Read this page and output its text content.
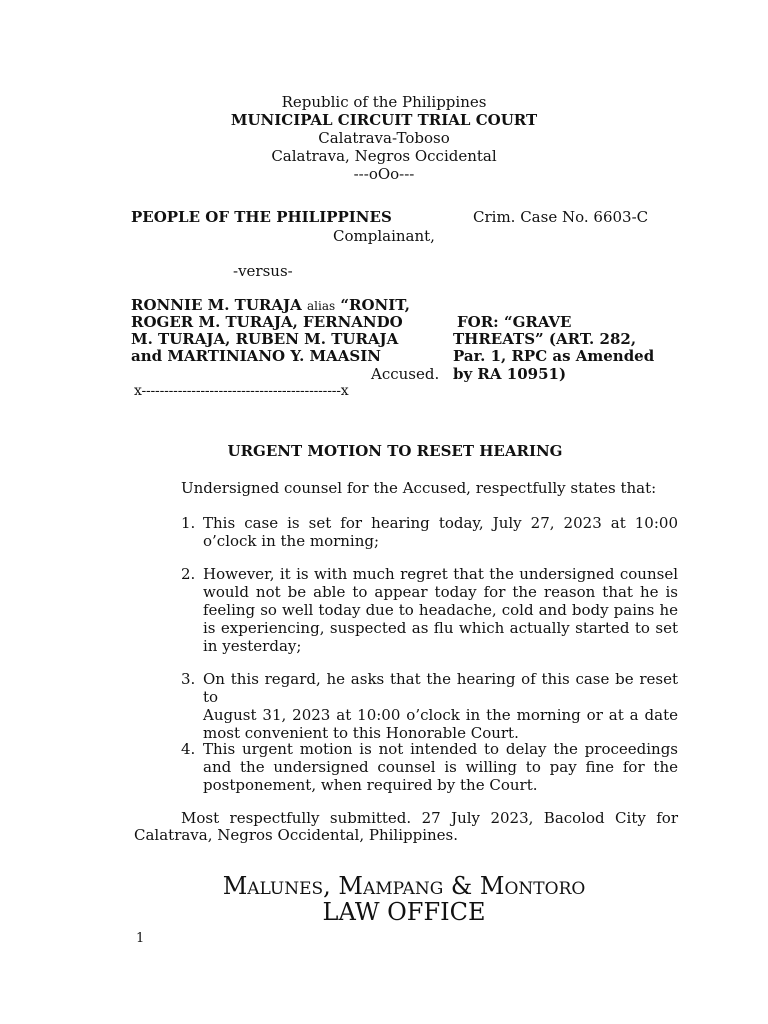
Republic of the Philippines
MUNICIPAL CIRCUIT TRIAL COURT
Calatrava-Toboso
Calatrava, Negros Occidental
---oOo---
PEOPLE OF THE PHILIPPINES	Crim. Case No. 6603-C
Complainant,
-versus-
RONNIE M. TURAJA alias “RONIT,
ROGER M. TURAJA, FERNANDO
M. TURAJA, RUBEN M. TURAJA
and MARTINIANO Y. MAASIN
Accused.
FOR: “GRAVE
THREATS” (ART. 282,
Par. 1, RPC as Amended
by RA 10951)
x--------------------------------------------x
URGENT MOTION TO RESET HEARING
Undersigned counsel for the Accused, respectfully states that:
1. This case is set for hearing today, July 27, 2023 at 10:00
o’clock in the morning;
2. However, it is with much regret that the undersigned counsel
would not be able to appear today for the reason that he is
feeling so well today due to headache, cold and body pains he
is experiencing, suspected as flu which actually started to set
in yesterday;
3. On this regard, he asks that the hearing of this case be reset to
August 31, 2023 at 10:00 o’clock in the morning or at a date
most convenient to this Honorable Court.
4. This urgent motion is not intended to delay the proceedings
and the undersigned counsel is willing to pay fine for the
postponement, when required by the Court.
Most respectfully submitted. 27 July 2023, Bacolod City for
Calatrava, Negros Occidental, Philippines.
Malunes, Mampang & Montoro
LAW OFFICE
1
